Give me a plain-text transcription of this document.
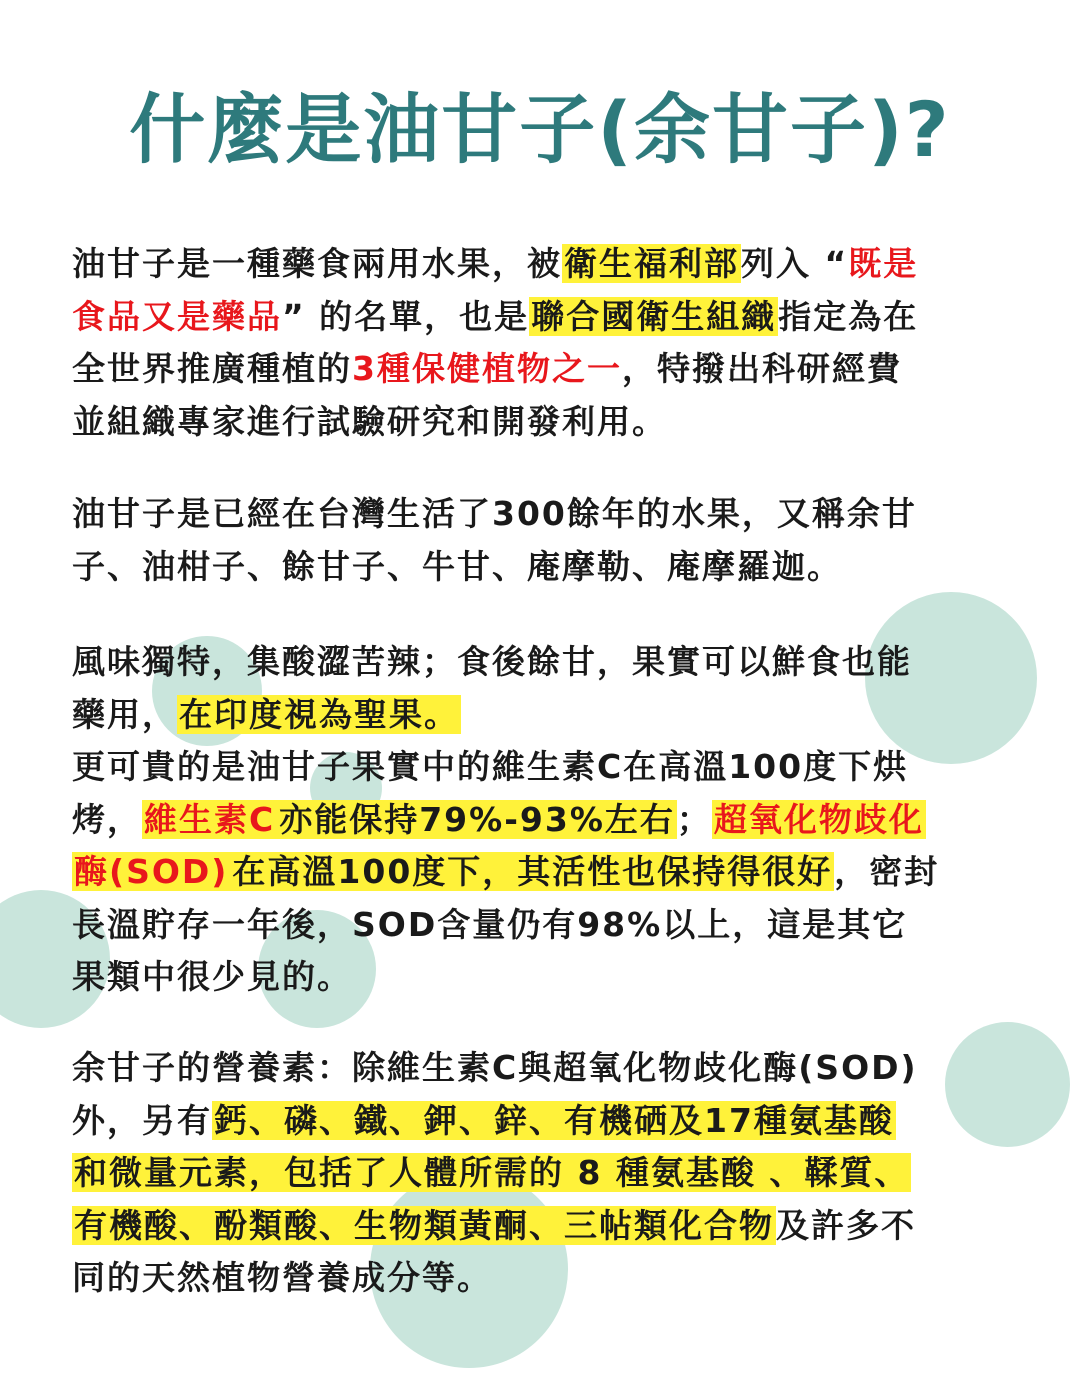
什麼是油甘子(余甘子)?

油甘子是一種藥食兩用水果，被衛生福利部列入 “既是
食品又是藥品” 的名單，也是聯合國衛生組織指定為在
全世界推廣種植的3種保健植物之一，特撥出科研經費
並組織專家進行試驗研究和開發利用。

油甘子是已經在台灣生活了300餘年的水果，又稱余甘
子、油柑子、餘甘子、牛甘、庵摩勒、庵摩羅迦。

風味獨特，集酸澀苦辣；食後餘甘，果實可以鮮食也能
藥用，在印度視為聖果。
更可貴的是油甘子果實中的維生素C在高溫100度下烘
烤，維生素C 亦能保持79%-93%左右；超氧化物歧化
酶(SOD) 在高溫100度下，其活性也保持得很好，密封
長溫貯存一年後，SOD含量仍有98%以上，這是其它
果類中很少見的。

余甘子的營養素：除維生素C與超氧化物歧化酶(SOD)
外，另有鈣、磷、鐵、鉀、鋅、有機硒及17種氨基酸
和微量元素，包括了人體所需的 8 種氨基酸 、鞣質、
有機酸、酚類酸、生物類黃酮、三帖類化合物及許多不
同的天然植物營養成分等。
